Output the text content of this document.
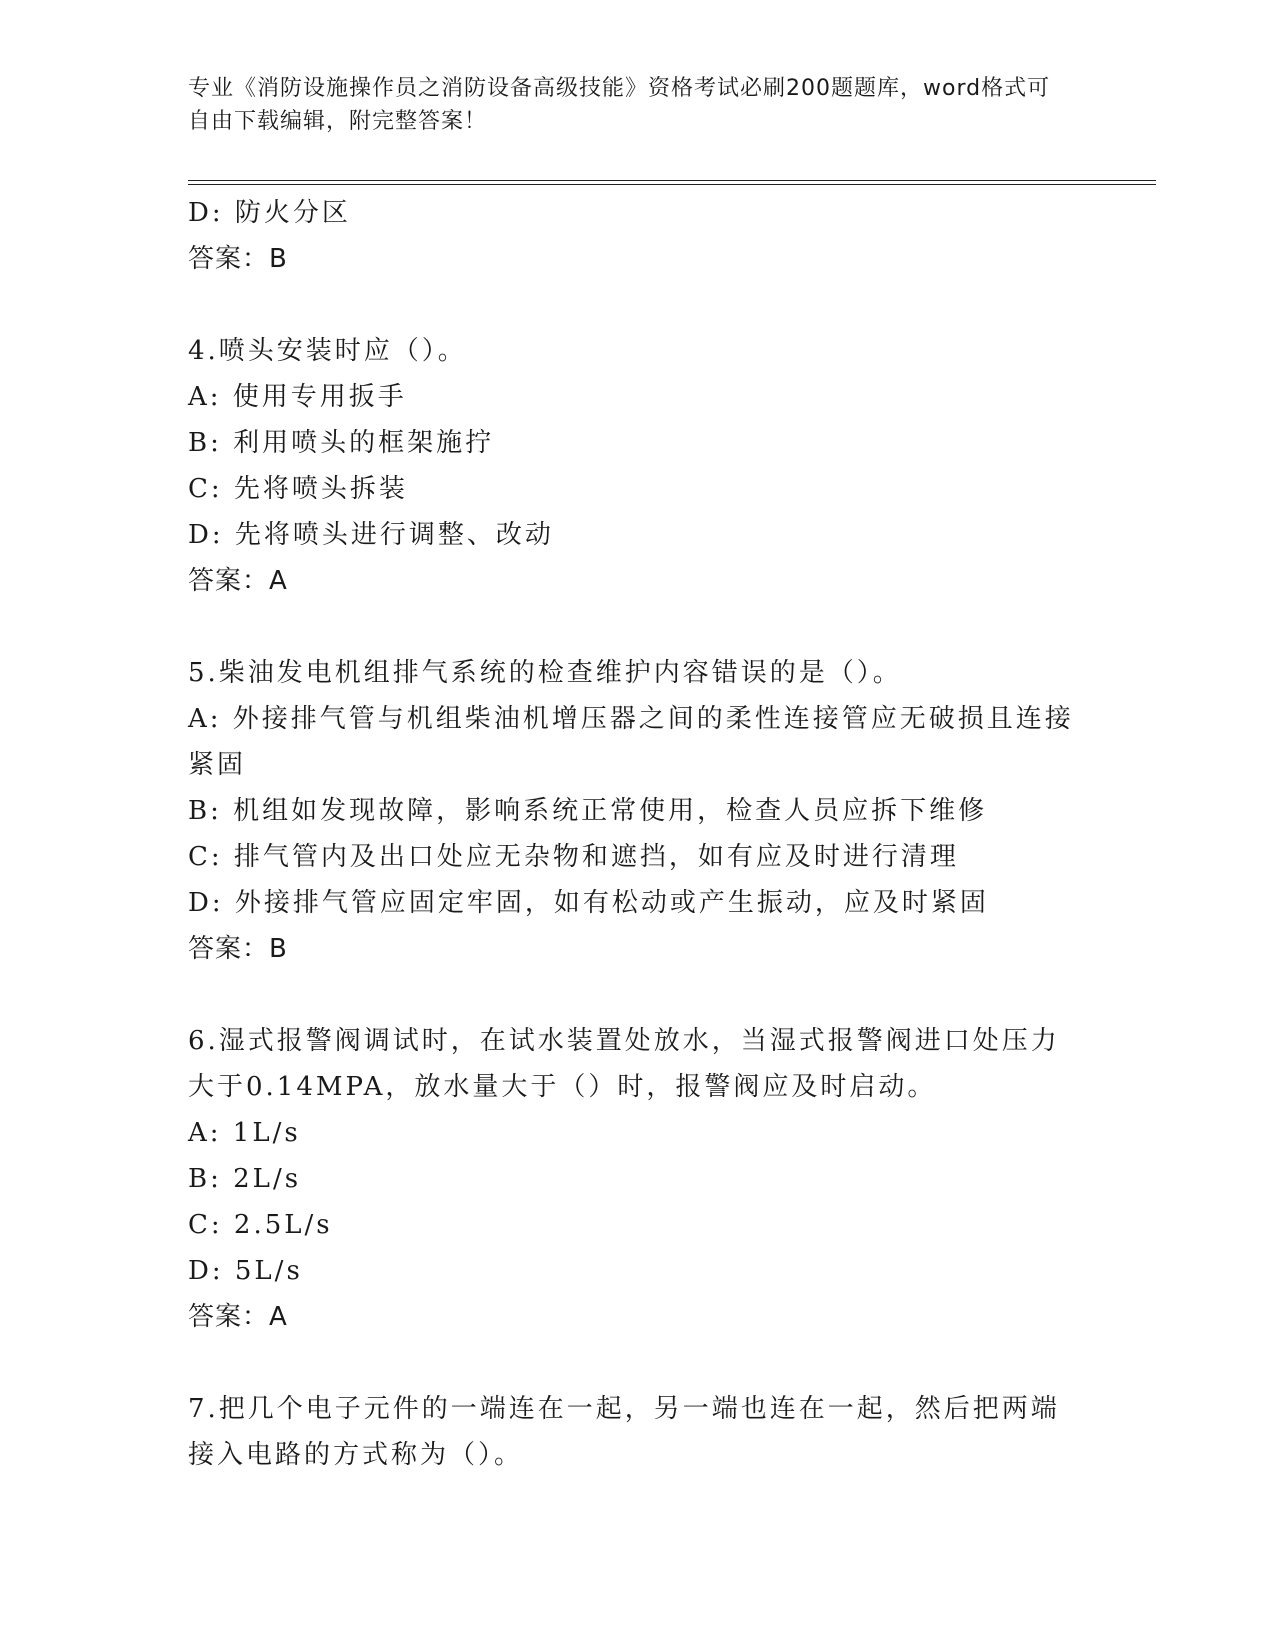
专业《消防设施操作员之消防设备高级技能》资格考试必刷200题题库，word格式可自由下载编辑，附完整答案！
D: 防火分区
答案：B
4.喷头安装时应（）。
A: 使用专用扳手
B: 利用喷头的框架施拧
C: 先将喷头拆装
D: 先将喷头进行调整、改动
答案：A
5.柴油发电机组排气系统的检查维护内容错误的是（）。
A: 外接排气管与机组柴油机增压器之间的柔性连接管应无破损且连接紧固
B: 机组如发现故障，影响系统正常使用，检查人员应拆下维修
C: 排气管内及出口处应无杂物和遮挡，如有应及时进行清理
D: 外接排气管应固定牢固，如有松动或产生振动，应及时紧固
答案：B
6.湿式报警阀调试时，在试水装置处放水，当湿式报警阀进口处压力大于0.14MPA，放水量大于（）时，报警阀应及时启动。
A: 1L/s
B: 2L/s
C: 2.5L/s
D: 5L/s
答案：A
7.把几个电子元件的一端连在一起，另一端也连在一起，然后把两端接入电路的方式称为（）。
